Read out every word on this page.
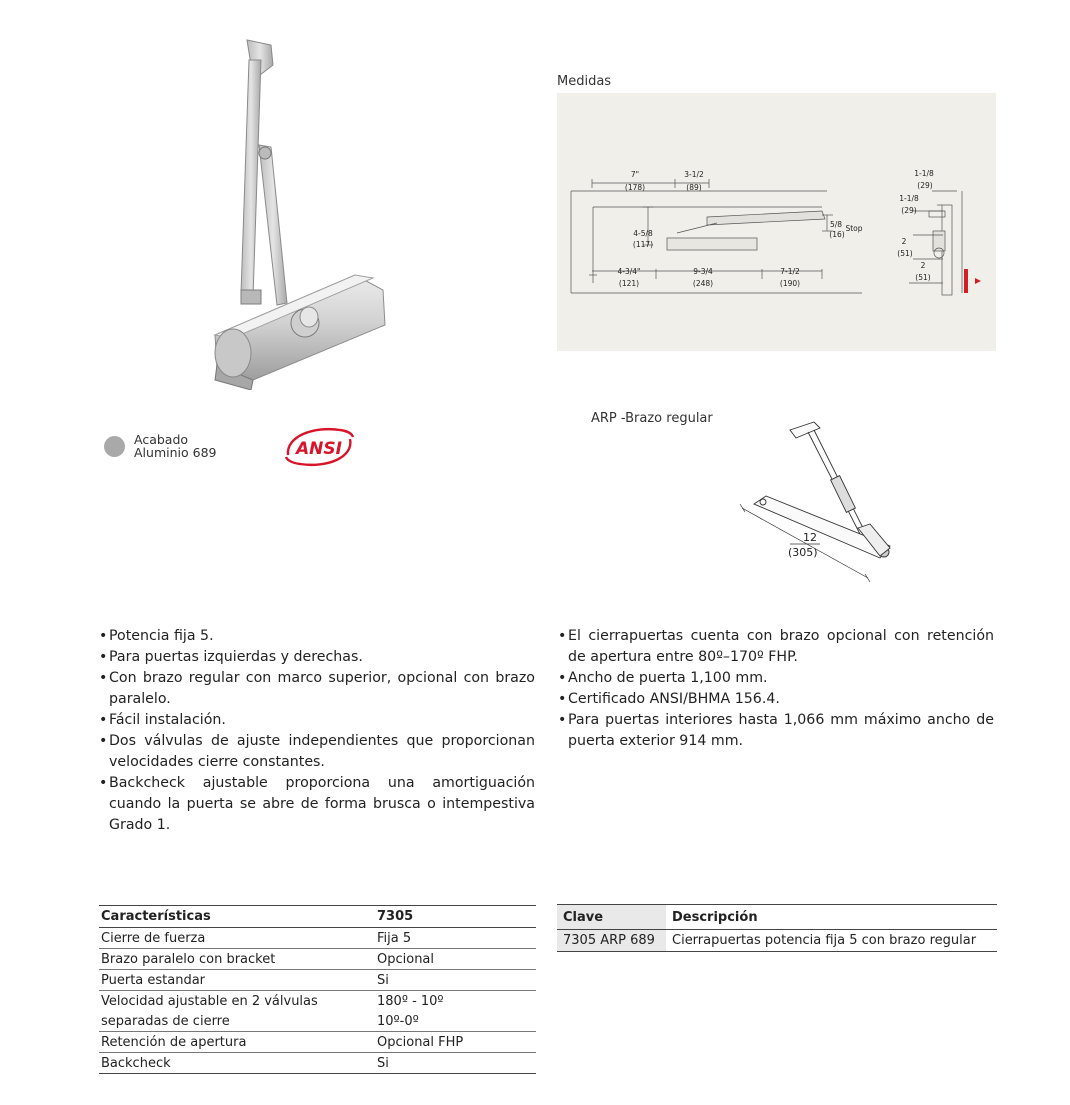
Medidas
7"
(178)
3-1/2
(89)
4-5/8
(117)
5/8
(16)
Stop
4-3/4"
(121)
9-3/4
(248)
7-1/2
(190)
1-1/8
(29)
1-1/8
(29)
2
(51)
2
(51)
Acabado
Aluminio 689	ANSI
ARP -Brazo regular
12
(305)
• Potencia fija 5.
• Para puertas izquierdas y derechas.
• Con brazo regular con marco superior, opcional con brazo paralelo.
• Fácil instalación.
• Dos válvulas de ajuste independientes que proporcionan velocidades cierre constantes.
• Backcheck ajustable proporciona una amortiguación cuando la puerta se abre de forma brusca o intempestiva Grado 1.
• El cierrapuertas cuenta con brazo opcional con retención de apertura entre 80º–170º FHP.
• Ancho de puerta 1,100 mm.
• Certificado ANSI/BHMA 156.4.
• Para puertas interiores hasta 1,066 mm máximo ancho de puerta exterior 914 mm.
Características	7305
Cierre de fuerza	Fija 5
Brazo paralelo con bracket	Opcional
Puerta estandar	Si
Velocidad ajustable en 2 válvulas	180º - 10º
separadas de cierre	10º-0º
Retención de apertura	Opcional FHP
Backcheck	Si
Clave	Descripción
7305 ARP 689	Cierrapuertas potencia fija 5 con brazo regular
